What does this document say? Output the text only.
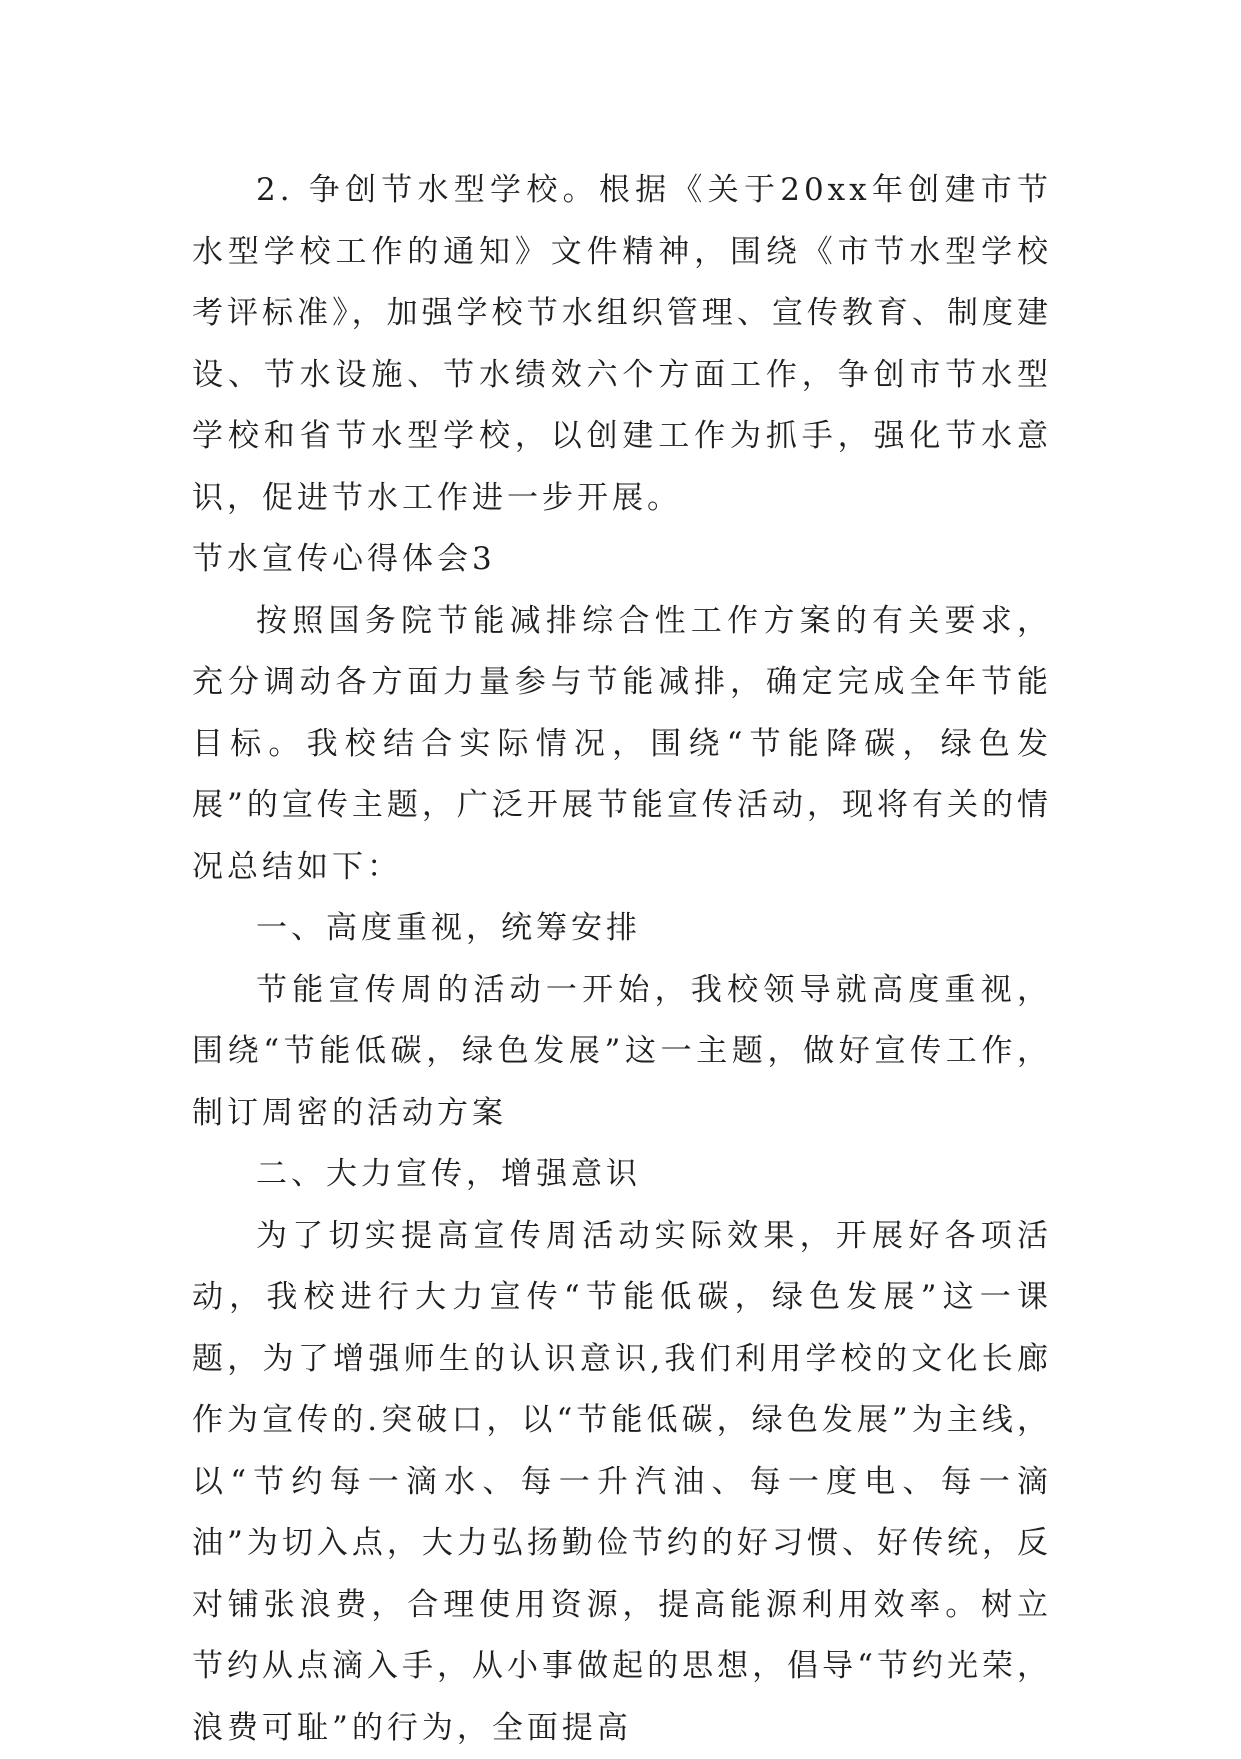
2. 争创节水型学校。根据《关于20xx年创建市节水型学校工作的通知》文件精神，围绕《市节水型学校考评标准》，加强学校节水组织管理、宣传教育、制度建设、节水设施、节水绩效六个方面工作，争创市节水型学校和省节水型学校，以创建工作为抓手，强化节水意识，促进节水工作进一步开展。

节水宣传心得体会3

按照国务院节能减排综合性工作方案的有关要求，充分调动各方面力量参与节能减排，确定完成全年节能目标。我校结合实际情况，围绕“节能降碳，绿色发展”的宣传主题，广泛开展节能宣传活动，现将有关的情况总结如下：

一、高度重视，统筹安排

节能宣传周的活动一开始，我校领导就高度重视，围绕“节能低碳，绿色发展”这一主题，做好宣传工作，制订周密的活动方案

二、大力宣传，增强意识

为了切实提高宣传周活动实际效果，开展好各项活动，我校进行大力宣传“节能低碳，绿色发展”这一课题，为了增强师生的认识意识,我们利用学校的文化长廊作为宣传的.突破口，以“节能低碳，绿色发展”为主线，以“节约每一滴水、每一升汽油、每一度电、每一滴油”为切入点，大力弘扬勤俭节约的好习惯、好传统，反对铺张浪费，合理使用资源，提高能源利用效率。树立节约从点滴入手，从小事做起的思想，倡导“节约光荣，浪费可耻”的行为，全面提高
